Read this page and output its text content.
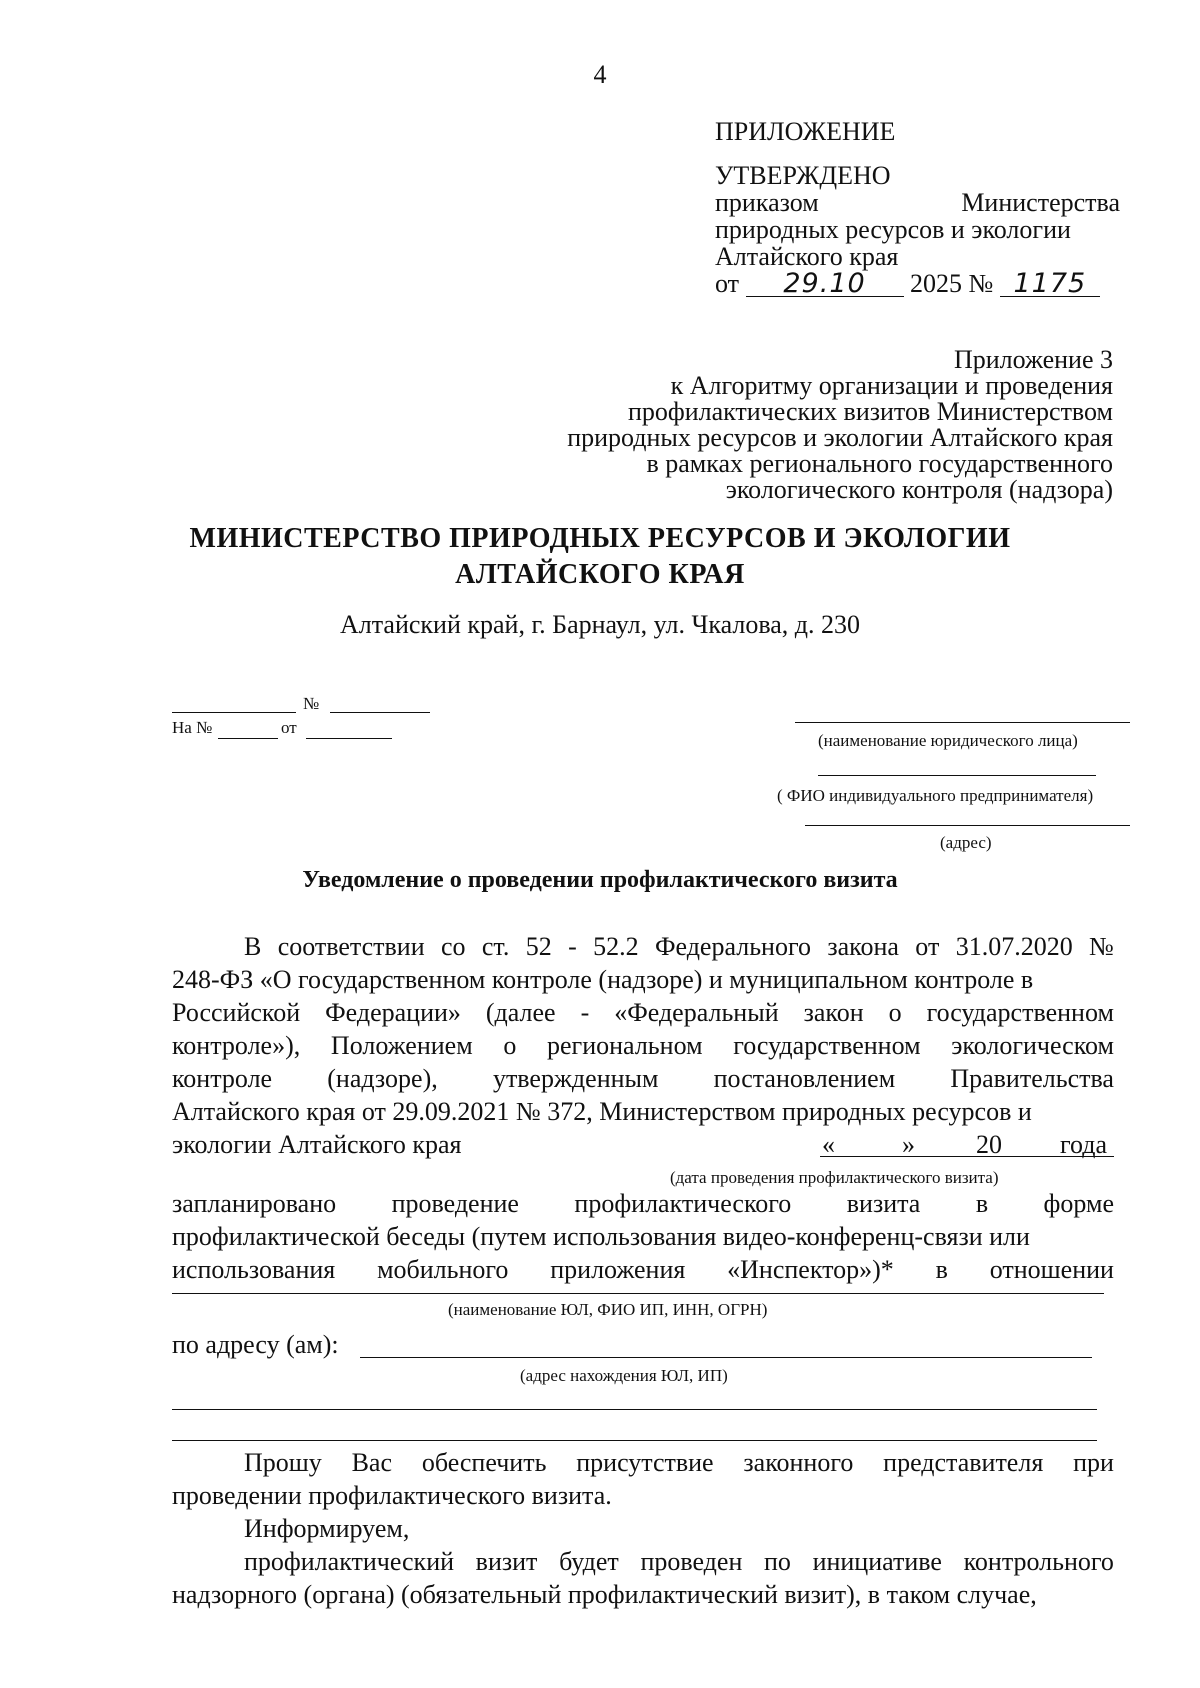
4
ПРИЛОЖЕНИЕ
УТВЕРЖДЕНО
приказом	Министерства
природных ресурсов и экологии
Алтайского края
от 29.10 2025 № 1175
Приложение 3
к Алгоритму организации и проведения
профилактических визитов Министерством
природных ресурсов и экологии Алтайского края
в рамках регионального государственного
экологического контроля (надзора)
МИНИСТЕРСТВО ПРИРОДНЫХ РЕСУРСОВ И ЭКОЛОГИИ
АЛТАЙСКОГО КРАЯ
Алтайский край, г. Барнаул, ул. Чкалова, д. 230
№
На №	от
(наименование юридического лица)
( ФИО индивидуального предпринимателя)
(адрес)
Уведомление о проведении профилактического визита
В соответствии со ст. 52 - 52.2 Федерального закона от 31.07.2020 №
248-ФЗ «О государственном контроле (надзоре) и муниципальном контроле в
Российской Федерации» (далее - «Федеральный закон о государственном
контроле»), Положением о региональном государственном экологическом
контроле (надзоре), утвержденным постановлением Правительства
Алтайского края от 29.09.2021 № 372, Министерством природных ресурсов и
экологии Алтайского края	«	» 20 года
(дата проведения профилактического визита)
запланировано проведение профилактического визита в форме
профилактической беседы (путем использования видео-конференц-связи или
использования мобильного приложения «Инспектор»)* в отношении
(наименование ЮЛ, ФИО ИП, ИНН, ОГРН)
по адресу (ам):
(адрес нахождения ЮЛ, ИП)
Прошу Вас обеспечить присутствие законного представителя при
проведении профилактического визита.
Информируем,
профилактический визит будет проведен по инициативе контрольного
надзорного (органа) (обязательный профилактический визит), в таком случае,
